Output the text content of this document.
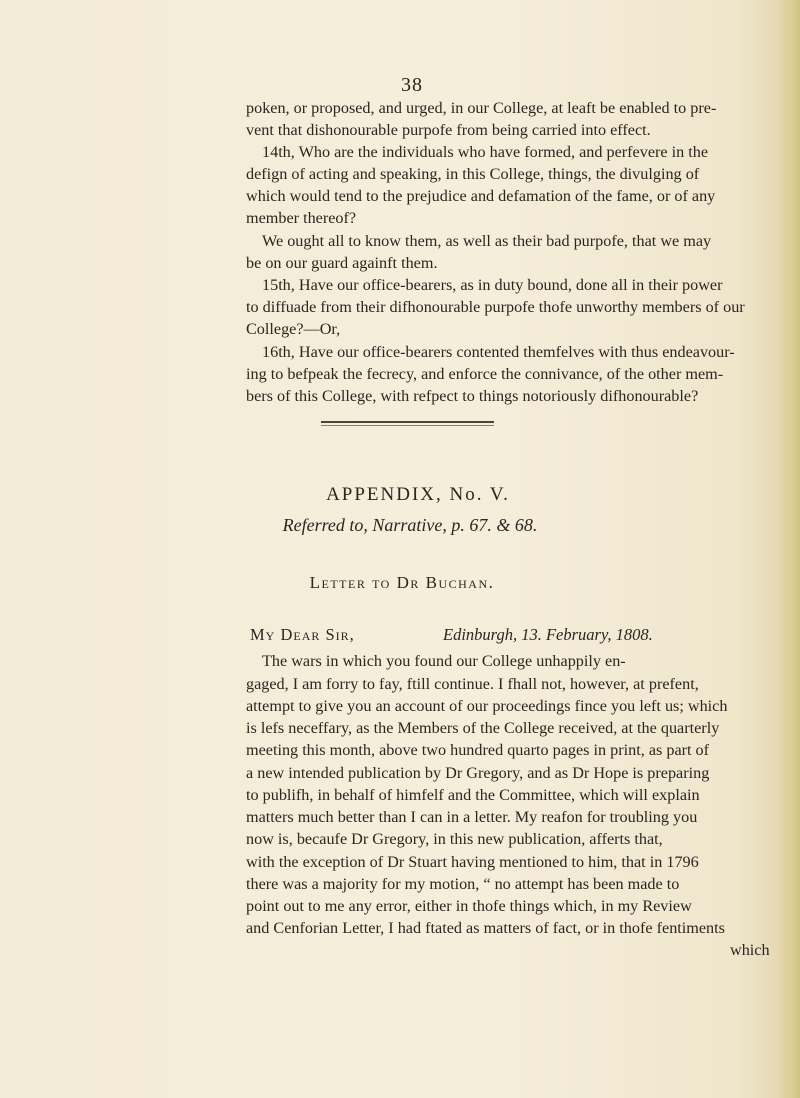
38

poken, or proposed, and urged, in our College, at leaft be enabled to pre-

vent that dishonourable purpofe from being carried into effect.

14th, Who are the individuals who have formed, and perfevere in the

defign of acting and speaking, in this College, things, the divulging of

which would tend to the prejudice and defamation of the fame, or of any

member thereof?

We ought all to know them, as well as their bad purpofe, that we may

be on our guard againft them.

15th, Have our office-bearers, as in duty bound, done all in their power

to diffuade from their difhonourable purpofe thofe unworthy members of our

College?—Or,

16th, Have our office-bearers contented themfelves with thus endeavour-

ing to befpeak the fecrecy, and enforce the connivance, of the other mem-

bers of this College, with refpect to things notoriously difhonourable?

APPENDIX, No. V.
Referred to, Narrative, p. 67. & 68.
Letter to Dr Buchan.

My Dear Sir,	Edinburgh, 13. February, 1808.

The wars in which you found our College unhappily en-

gaged, I am forry to fay, ftill continue. I fhall not, however, at prefent,

attempt to give you an account of our proceedings fince you left us; which

is lefs neceffary, as the Members of the College received, at the quarterly

meeting this month, above two hundred quarto pages in print, as part of

a new intended publication by Dr Gregory, and as Dr Hope is preparing

to publifh, in behalf of himfelf and the Committee, which will explain

matters much better than I can in a letter. My reafon for troubling you

now is, becaufe Dr Gregory, in this new publication, afferts that,

with the exception of Dr Stuart having mentioned to him, that in 1796

there was a majority for my motion, “ no attempt has been made to

point out to me any error, either in thofe things which, in my Review

and Cenforian Letter, I had ftated as matters of fact, or in thofe fentiments

which
